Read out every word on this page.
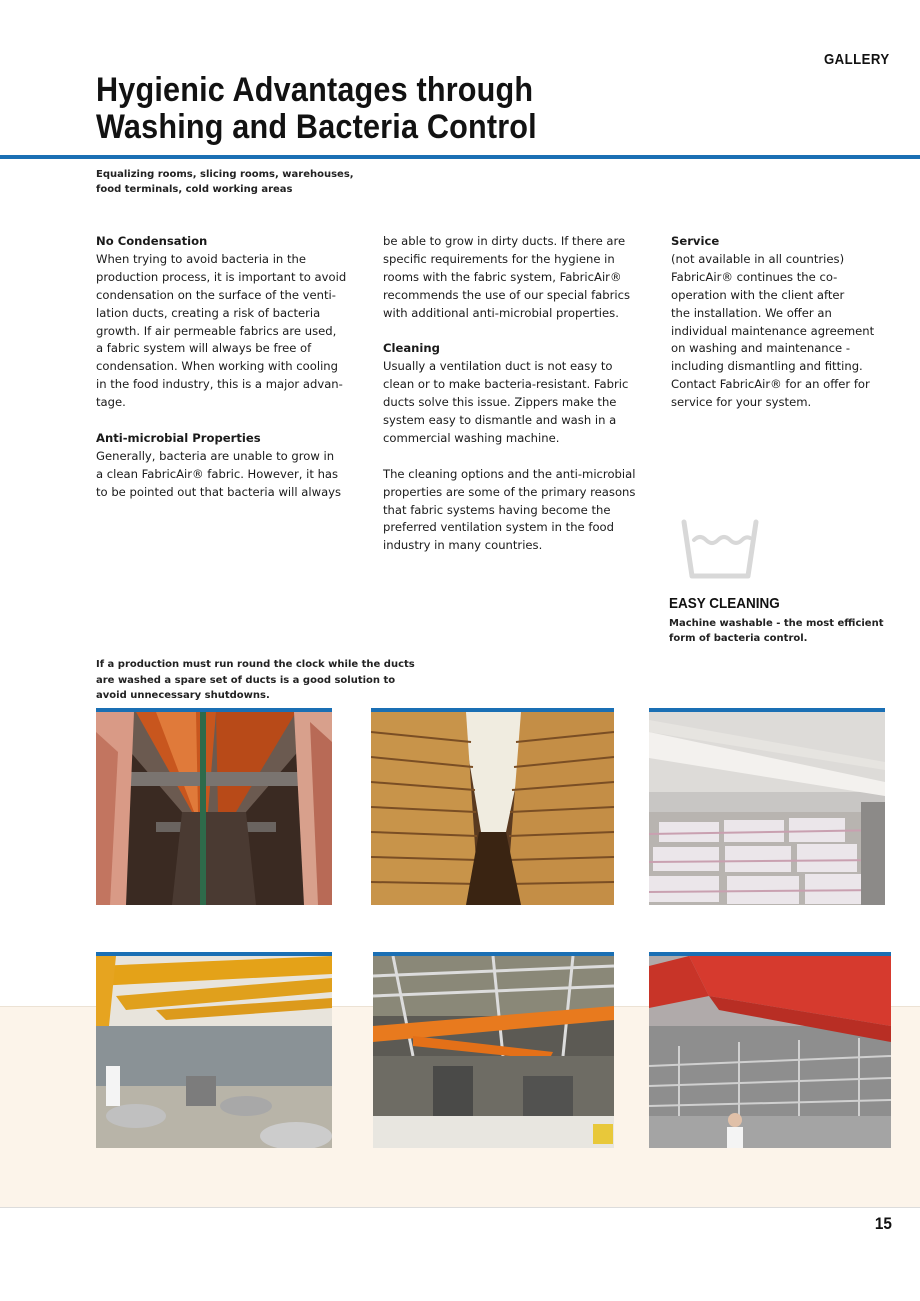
GALLERY
Hygienic Advantages through
Washing and Bacteria Control
Equalizing rooms, slicing rooms, warehouses,
food terminals, cold working areas
No Condensation
When trying to avoid bacteria in the
production process, it is important to avoid
condensation on the surface of the venti-
lation ducts, creating a risk of bacteria
growth. If air permeable fabrics are used,
a fabric system will always be free of
condensation. When working with cooling
in the food industry, this is a major advan-
tage.
Anti-microbial Properties
Generally, bacteria are unable to grow in
a clean FabricAir® fabric. However, it has
to be pointed out that bacteria will always
be able to grow in dirty ducts. If there are
specific requirements for the hygiene in
rooms with the fabric system, FabricAir®
recommends the use of our special fabrics
with additional anti-microbial properties.
Cleaning
Usually a ventilation duct is not easy to
clean or to make bacteria-resistant. Fabric
ducts solve this issue. Zippers make the
system easy to dismantle and wash in a
commercial washing machine.
The cleaning options and the anti-microbial
properties are some of the primary reasons
that fabric systems having become the
preferred ventilation system in the food
industry in many countries.
Service
(not available in all countries)
FabricAir® continues the co-
operation with the client after
the installation. We offer an
individual maintenance agreement
on washing and maintenance -
including dismantling and fitting.
Contact FabricAir® for an offer for
service for your system.
EASY CLEANING
Machine washable - the most efficient
form of bacteria control.
If a production must run round the clock while the ducts
are washed a spare set of ducts is a good solution to
avoid unnecessary shutdowns.
15
